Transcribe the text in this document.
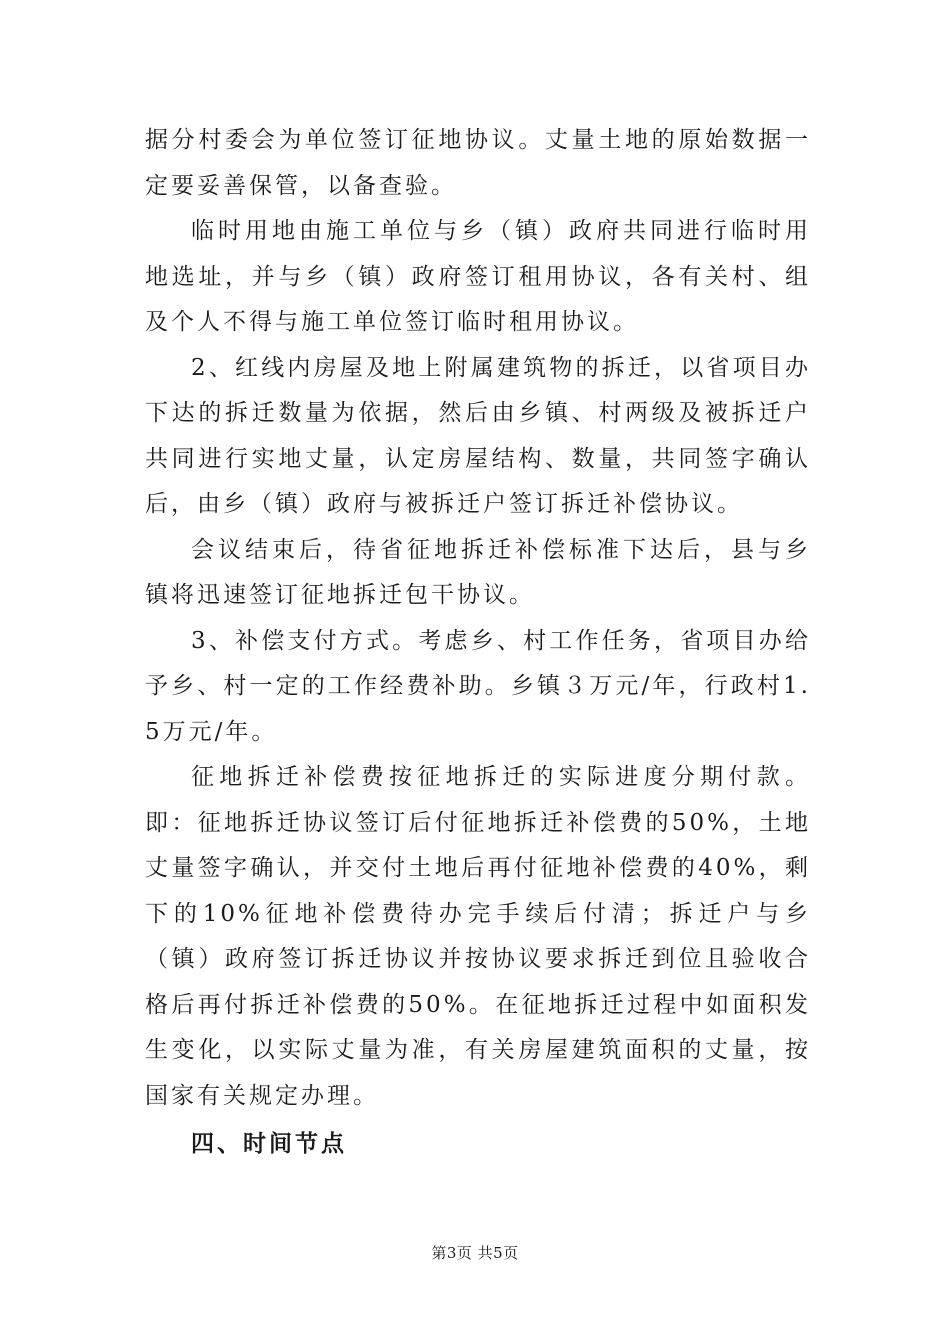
据分村委会为单位签订征地协议。丈量土地的原始数据一定要妥善保管，以备查验。

临时用地由施工单位与乡（镇）政府共同进行临时用地选址，并与乡（镇）政府签订租用协议，各有关村、组及个人不得与施工单位签订临时租用协议。

2、红线内房屋及地上附属建筑物的拆迁，以省项目办下达的拆迁数量为依据，然后由乡镇、村两级及被拆迁户共同进行实地丈量，认定房屋结构、数量，共同签字确认后，由乡（镇）政府与被拆迁户签订拆迁补偿协议。

会议结束后，待省征地拆迁补偿标准下达后，县与乡镇将迅速签订征地拆迁包干协议。

3、补偿支付方式。考虑乡、村工作任务，省项目办给予乡、村一定的工作经费补助。乡镇３万元/年，行政村1.5万元/年。

征地拆迁补偿费按征地拆迁的实际进度分期付款。即：征地拆迁协议签订后付征地拆迁补偿费的50%，土地丈量签字确认，并交付土地后再付征地补偿费的40%，剩下的10%征地补偿费待办完手续后付清；拆迁户与乡（镇）政府签订拆迁协议并按协议要求拆迁到位且验收合格后再付拆迁补偿费的50%。在征地拆迁过程中如面积发生变化，以实际丈量为准，有关房屋建筑面积的丈量，按国家有关规定办理。

四、时间节点

第3页 共5页
